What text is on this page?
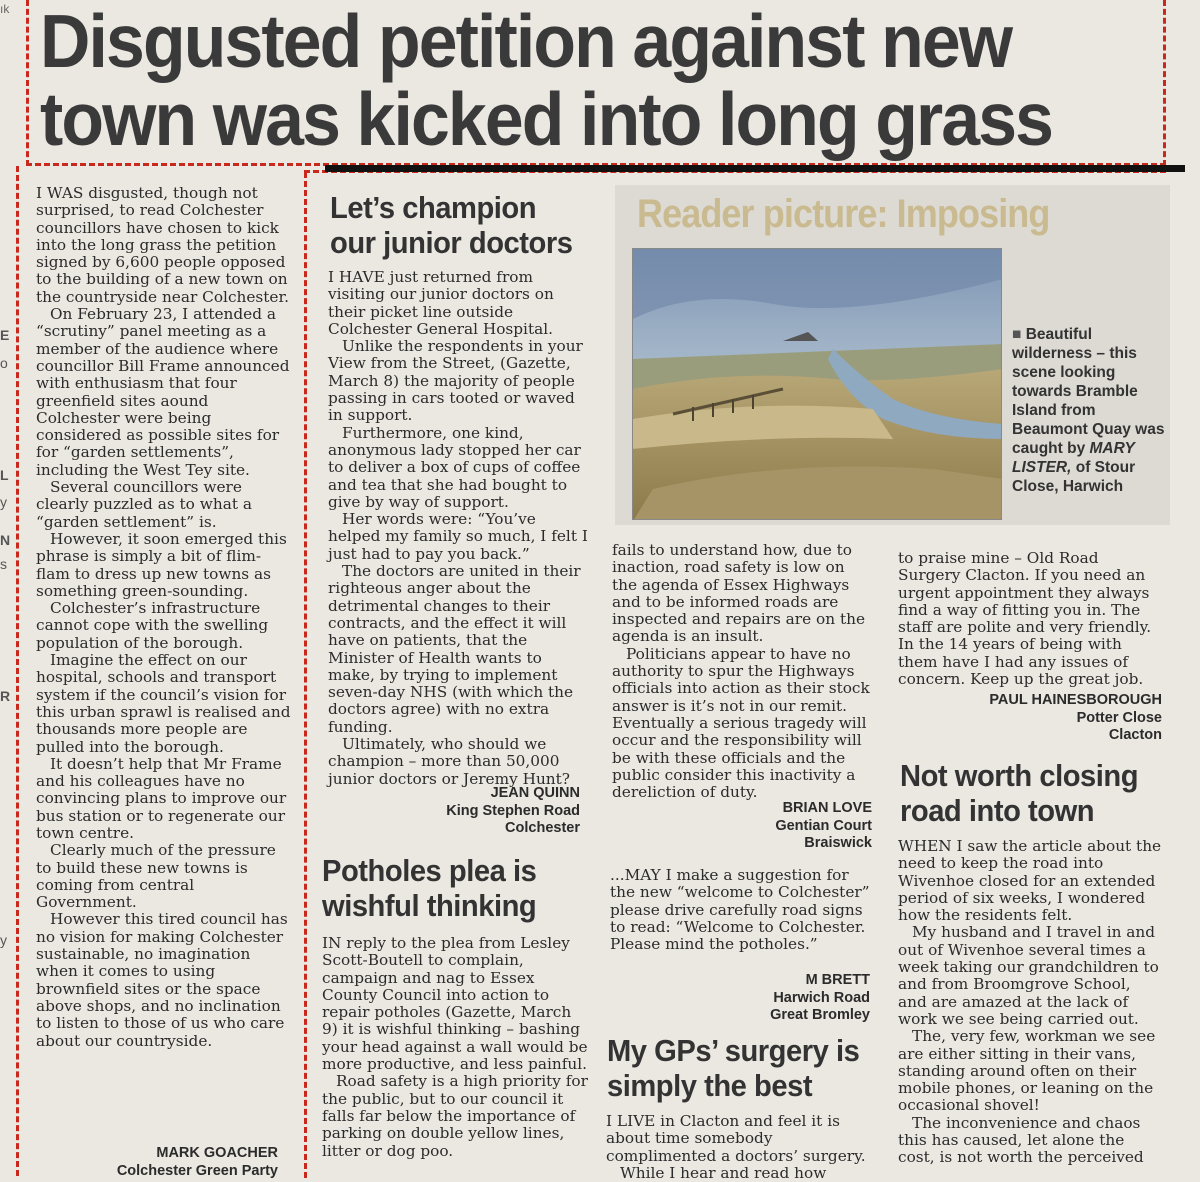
ık
E
o
L
y
N
s
R
y
Disgusted petition against new
town was kicked into long grass

I WAS disgusted, though not surprised, to read Colchester councillors have chosen to kick into the long grass the petition signed by 6,600 people opposed to the building of a new town on the countryside near Colchester.

On February 23, I attended a “scrutiny” panel meeting as a member of the audience where councillor Bill Frame announced with enthusiasm that four greenfield sites aound Colchester were being considered as possible sites for for “garden settlements”, including the West Tey site.

Several councillors were clearly puzzled as to what a “garden settlement” is.

However, it soon emerged this phrase is simply a bit of flim-flam to dress up new towns as something green-sounding.

Colchester’s infrastructure cannot cope with the swelling population of the borough.

Imagine the effect on our hospital, schools and transport system if the council’s vision for this urban sprawl is realised and thousands more people are pulled into the borough.

It doesn’t help that Mr Frame and his colleagues have no convincing plans to improve our bus station or to regenerate our town centre.

Clearly much of the pressure to build these new towns is coming from central Government.

However this tired council has no vision for making Colchester sustainable, no imagination when it comes to using brownfield sites or the space above shops, and no inclination to listen to those of us who care about our countryside.

MARK GOACHER
Colchester Green Party
Let’s champion
our junior doctors

I HAVE just returned from visiting our junior doctors on their picket line outside Colchester General Hospital.

Unlike the respondents in your View from the Street, (Gazette, March 8) the majority of people passing in cars tooted or waved in support.

Furthermore, one kind, anonymous lady stopped her car to deliver a box of cups of coffee and tea that she had bought to give by way of support.

Her words were: “You’ve helped my family so much, I felt I just had to pay you back.”

The doctors are united in their righteous anger about the detrimental changes to their contracts, and the effect it will have on patients, that the Minister of Health wants to make, by trying to implement seven-day NHS (with which the doctors agree) with no extra funding.

Ultimately, who should we champion – more than 50,000 junior doctors or Jeremy Hunt?

JEAN QUINN
King Stephen Road
Colchester
Potholes plea is
wishful thinking

IN reply to the plea from Lesley Scott-Boutell to complain, campaign and nag to Essex County Council into action to repair potholes (Gazette, March 9) it is wishful thinking – bashing your head against a wall would be more productive, and less painful.

Road safety is a high priority for the public, but to our council it falls far below the importance of parking on double yellow lines, litter or dog poo.

Reader picture: Imposing
■ Beautiful wilderness – this scene looking towards Bramble Island from Beaumont Quay was caught by MARY LISTER, of Stour Close, Harwich

fails to understand how, due to inaction, road safety is low on the agenda of Essex Highways and to be informed roads are inspected and repairs are on the agenda is an insult.

Politicians appear to have no authority to spur the Highways officials into action as their stock answer is it’s not in our remit. Eventually a serious tragedy will occur and the responsibility will be with these officials and the public consider this inactivity a dereliction of duty.

BRIAN LOVE
Gentian Court
Braiswick

...MAY I make a suggestion for the new “welcome to Colchester” please drive carefully road signs to read: “Welcome to Colchester. Please mind the potholes.”

M BRETT
Harwich Road
Great Bromley
My GPs’ surgery is
simply the best

I LIVE in Clacton and feel it is about time somebody complimented a doctors’ surgery.

While I hear and read how

to praise mine – Old Road Surgery Clacton. If you need an urgent appointment they always find a way of fitting you in. The staff are polite and very friendly. In the 14 years of being with them have I had any issues of concern. Keep up the great job.

PAUL HAINESBOROUGH
Potter Close
Clacton
Not worth closing
road into town

WHEN I saw the article about the need to keep the road into Wivenhoe closed for an extended period of six weeks, I wondered how the residents felt.

My husband and I travel in and out of Wivenhoe several times a week taking our grandchildren to and from Broomgrove School, and are amazed at the lack of work we see being carried out.

The, very few, workman we see are either sitting in their vans, standing around often on their mobile phones, or leaning on the occasional shovel!

The inconvenience and chaos this has caused, let alone the cost, is not worth the perceived
